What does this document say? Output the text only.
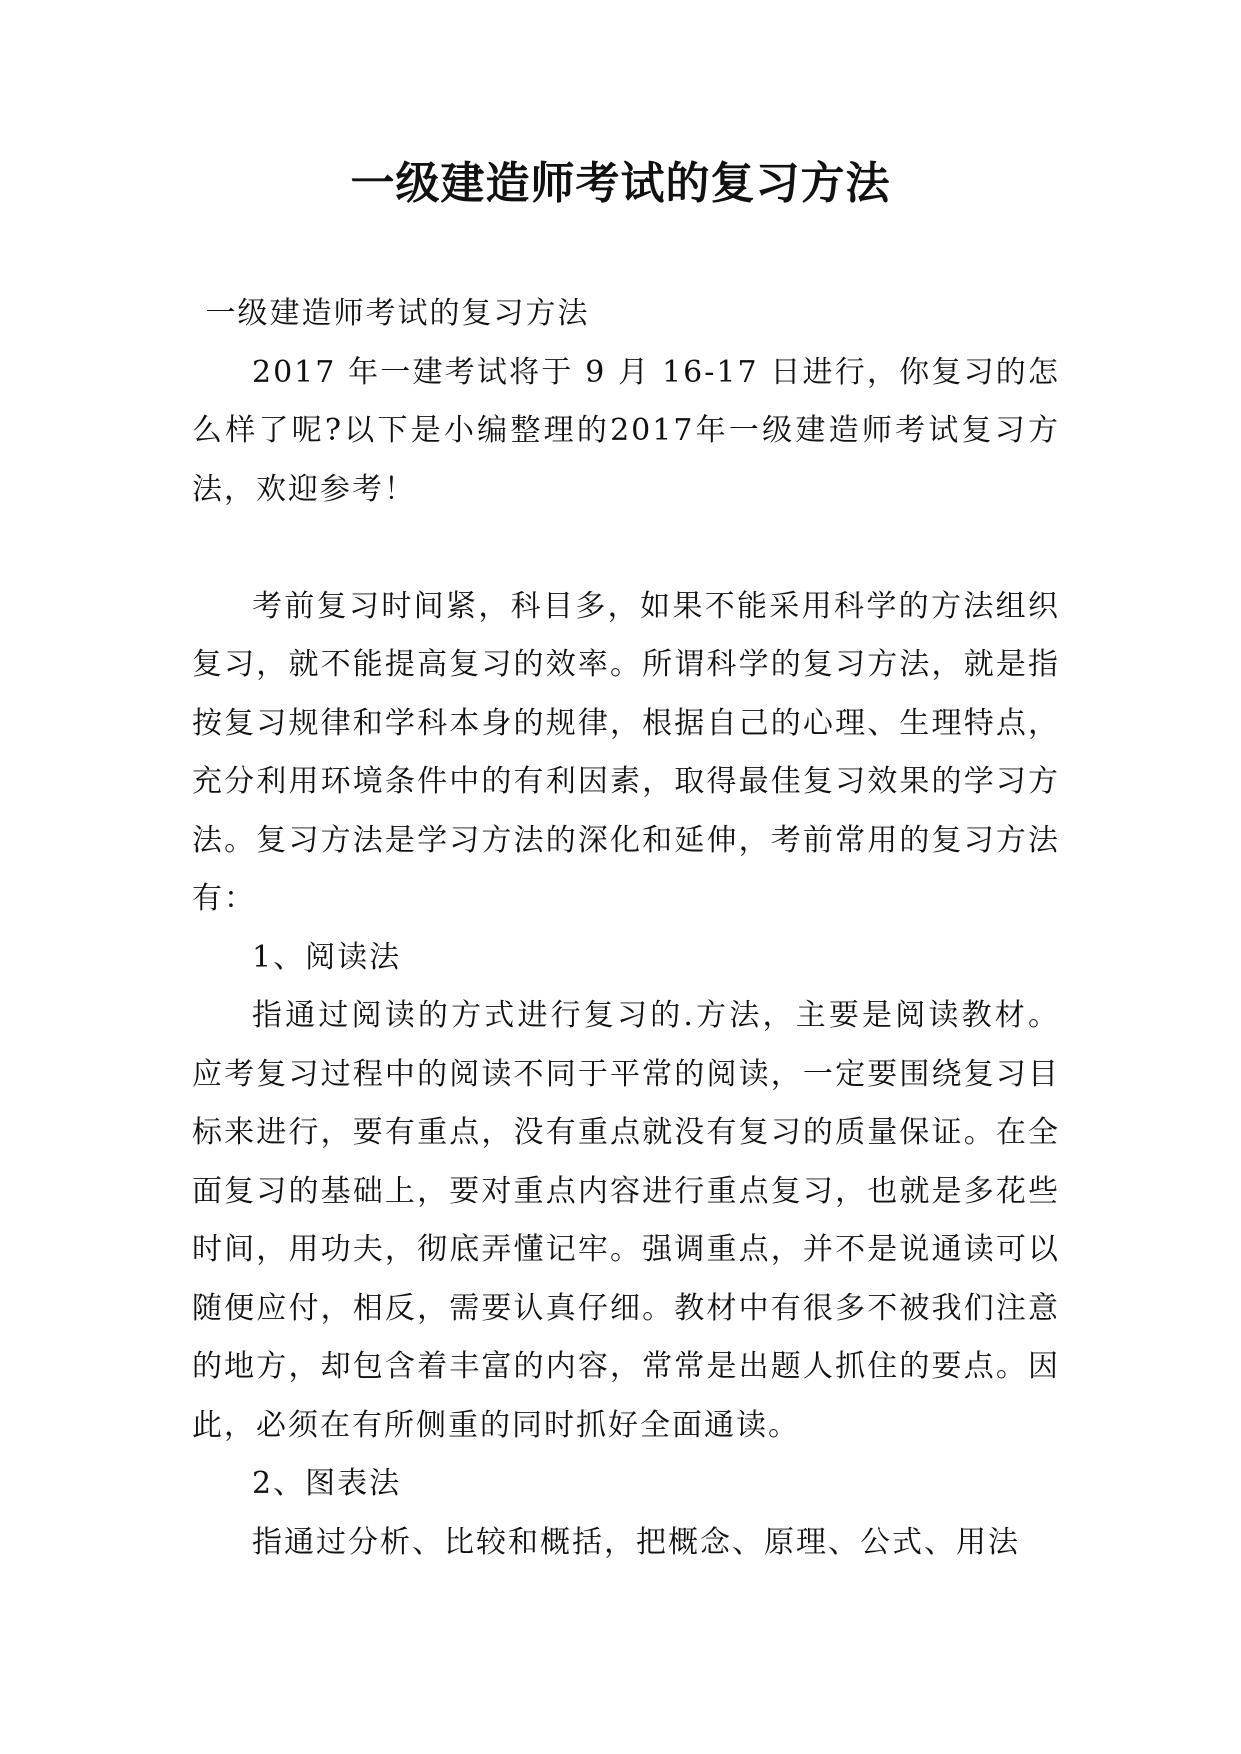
一级建造师考试的复习方法

一级建造师考试的复习方法

2017 年一建考试将于 9 月 16-17 日进行，你复习的怎么样了呢?以下是小编整理的2017年一级建造师考试复习方法，欢迎参考！

考前复习时间紧，科目多，如果不能采用科学的方法组织复习，就不能提高复习的效率。所谓科学的复习方法，就是指按复习规律和学科本身的规律，根据自己的心理、生理特点，充分利用环境条件中的有利因素，取得最佳复习效果的学习方法。复习方法是学习方法的深化和延伸，考前常用的复习方法有：

1、阅读法

指通过阅读的方式进行复习的.方法，主要是阅读教材。应考复习过程中的阅读不同于平常的阅读，一定要围绕复习目标来进行，要有重点，没有重点就没有复习的质量保证。在全面复习的基础上，要对重点内容进行重点复习，也就是多花些时间，用功夫，彻底弄懂记牢。强调重点，并不是说通读可以随便应付，相反，需要认真仔细。教材中有很多不被我们注意的地方，却包含着丰富的内容，常常是出题人抓住的要点。因此，必须在有所侧重的同时抓好全面通读。

2、图表法

指通过分析、比较和概括，把概念、原理、公式、用法
